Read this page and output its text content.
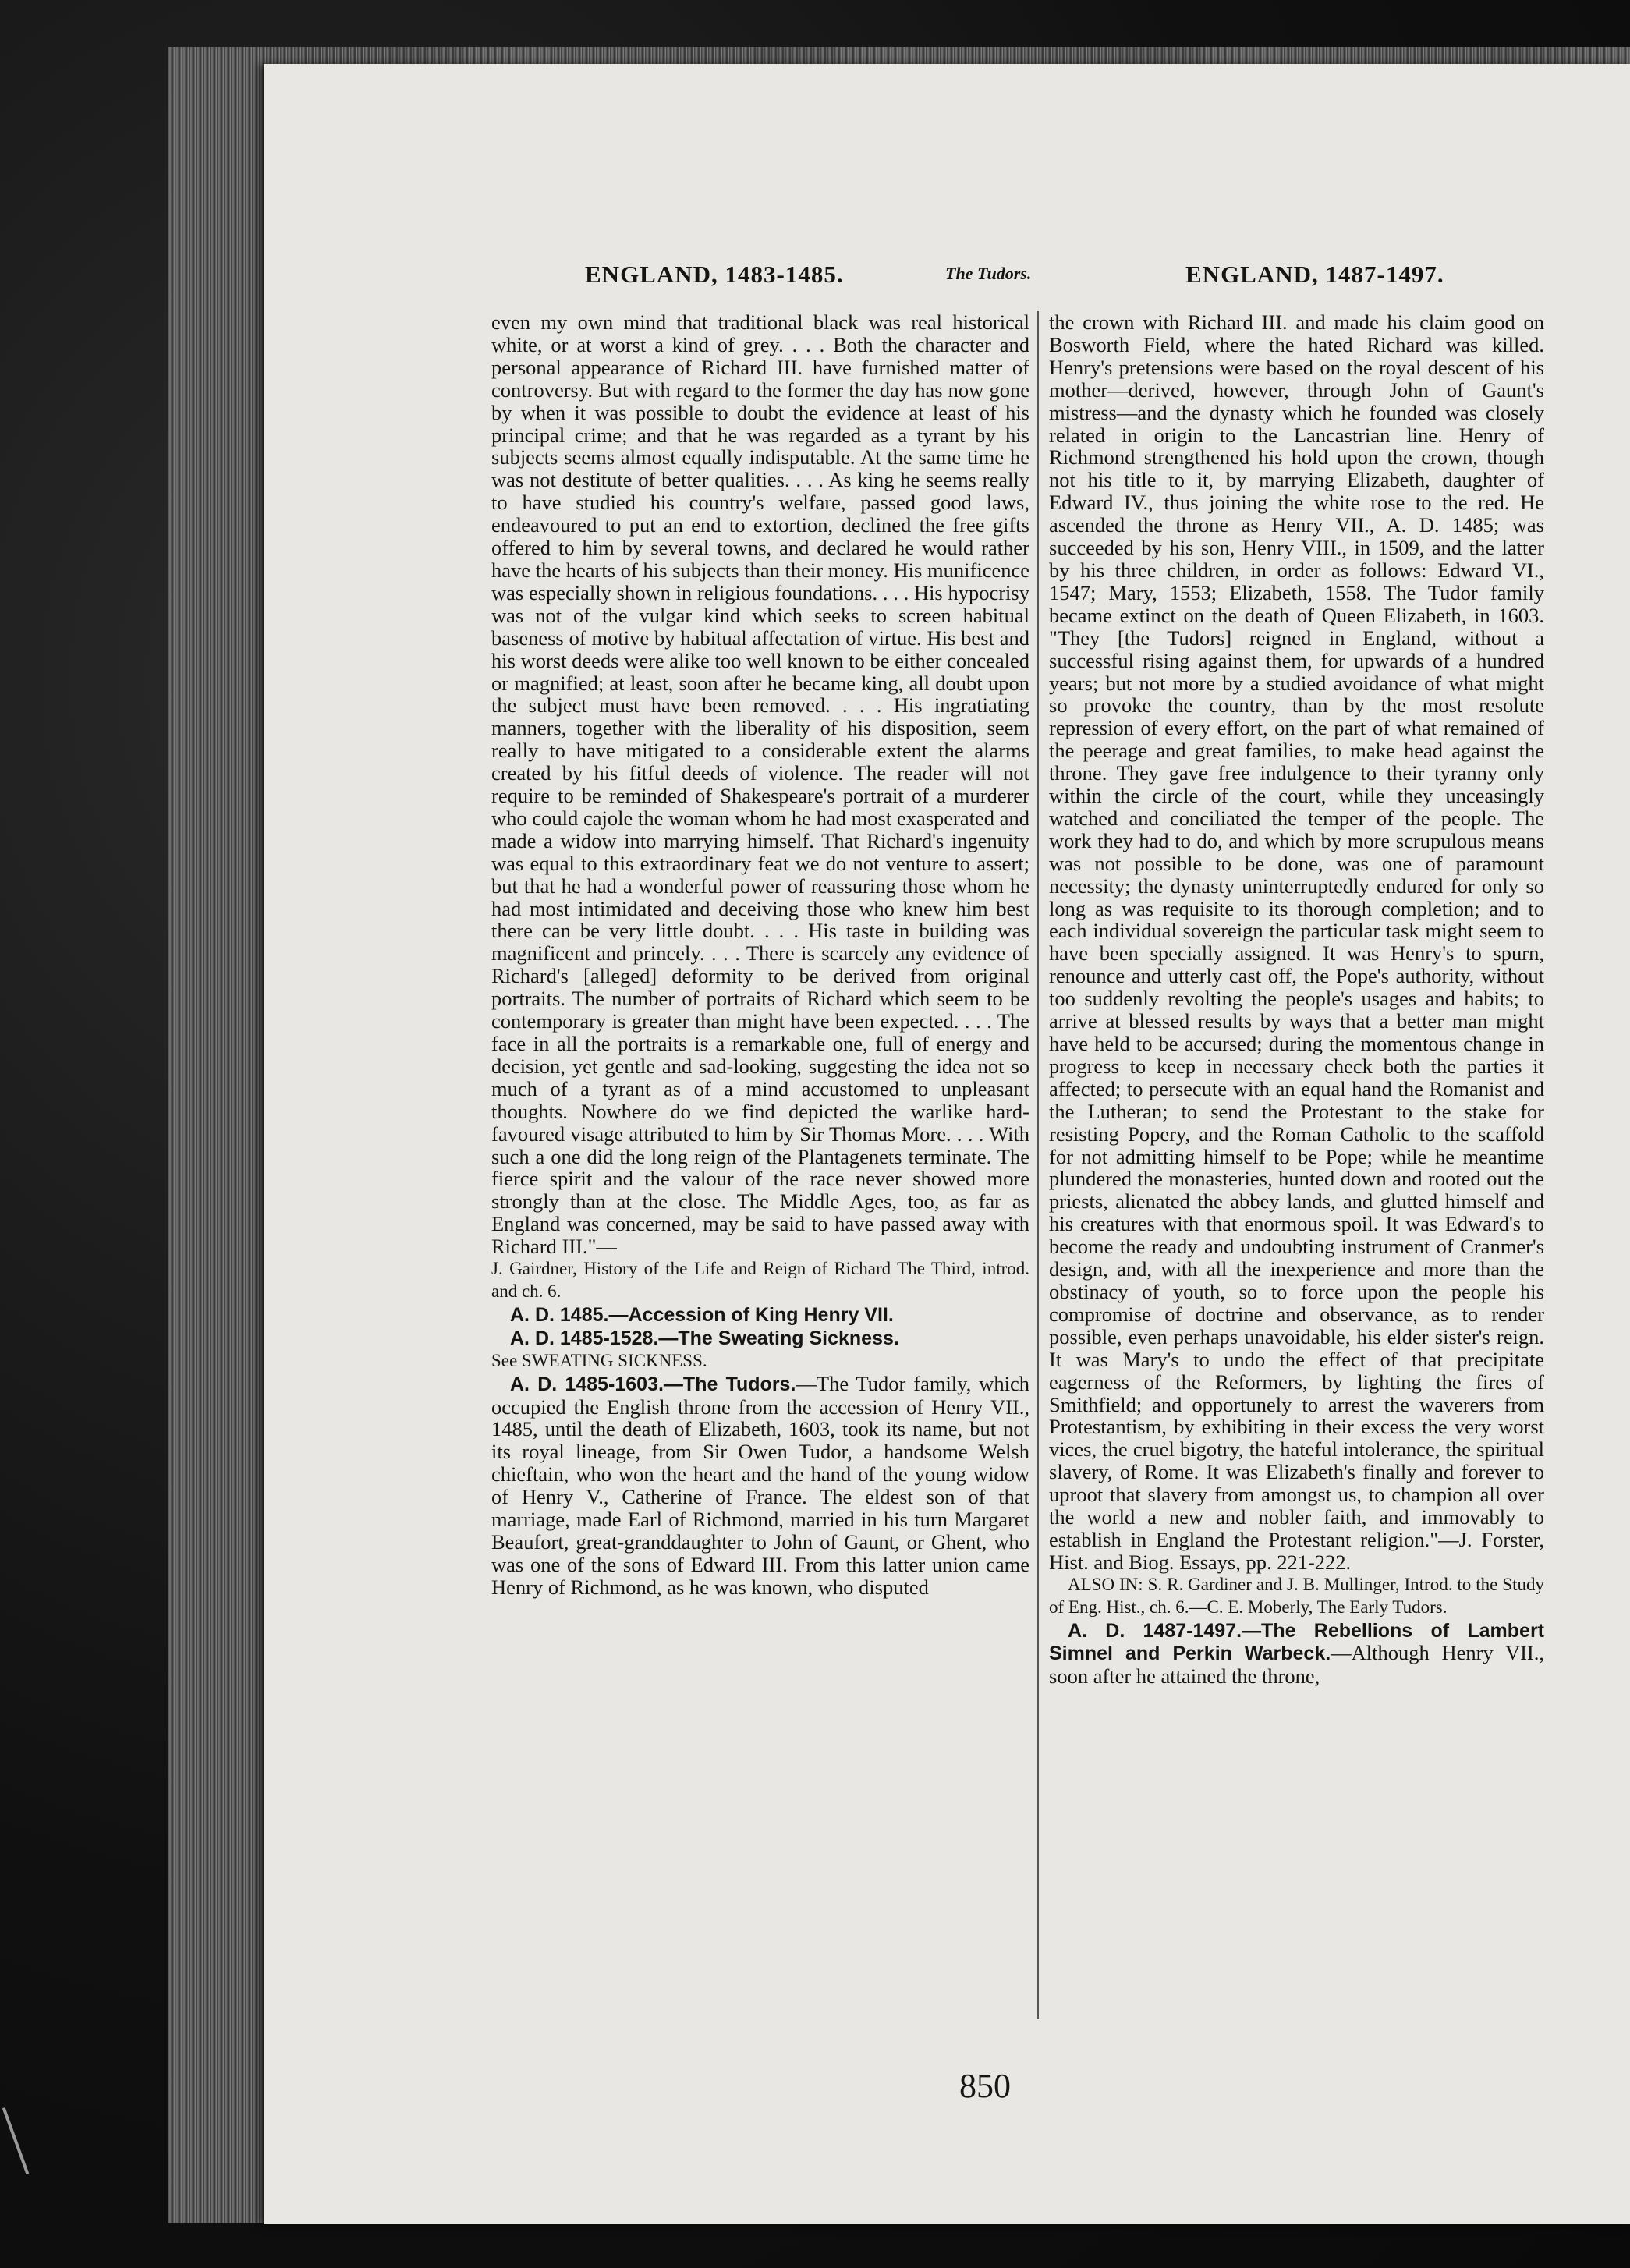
ENGLAND, 1483-1485.	The Tudors.	ENGLAND, 1487-1497.

even my own mind that traditional black was real historical white, or at worst a kind of grey. . . . Both the character and personal appearance of Richard III. have furnished matter of controversy. But with regard to the former the day has now gone by when it was possible to doubt the evidence at least of his principal crime; and that he was regarded as a tyrant by his subjects seems almost equally indisputable. At the same time he was not destitute of better qualities. . . . As king he seems really to have studied his country's welfare, passed good laws, endeavoured to put an end to extortion, declined the free gifts offered to him by several towns, and declared he would rather have the hearts of his subjects than their money. His munificence was especially shown in religious foundations. . . . His hypocrisy was not of the vulgar kind which seeks to screen habitual baseness of motive by habitual affectation of virtue. His best and his worst deeds were alike too well known to be either concealed or magnified; at least, soon after he became king, all doubt upon the subject must have been removed. . . . His ingratiating manners, together with the liberality of his disposition, seem really to have mitigated to a considerable extent the alarms created by his fitful deeds of violence. The reader will not require to be reminded of Shakespeare's portrait of a murderer who could cajole the woman whom he had most exasperated and made a widow into marrying himself. That Richard's ingenuity was equal to this extraordinary feat we do not venture to assert; but that he had a wonderful power of reassuring those whom he had most intimidated and deceiving those who knew him best there can be very little doubt. . . . His taste in building was magnificent and princely. . . . There is scarcely any evidence of Richard's [alleged] deformity to be derived from original portraits. The number of portraits of Richard which seem to be contemporary is greater than might have been expected. . . . The face in all the portraits is a remarkable one, full of energy and decision, yet gentle and sad-looking, suggesting the idea not so much of a tyrant as of a mind accustomed to unpleasant thoughts. Nowhere do we find depicted the warlike hard-favoured visage attributed to him by Sir Thomas More. . . . With such a one did the long reign of the Plantagenets terminate. The fierce spirit and the valour of the race never showed more strongly than at the close. The Middle Ages, too, as far as England was concerned, may be said to have passed away with Richard III."—

J. Gairdner, History of the Life and Reign of Richard The Third, introd. and ch. 6.

A. D. 1485.—Accession of King Henry VII.

A. D. 1485-1528.—The Sweating Sickness.

See SWEATING SICKNESS.

A. D. 1485-1603.—The Tudors.—The Tudor family, which occupied the English throne from the accession of Henry VII., 1485, until the death of Elizabeth, 1603, took its name, but not its royal lineage, from Sir Owen Tudor, a handsome Welsh chieftain, who won the heart and the hand of the young widow of Henry V., Catherine of France. The eldest son of that marriage, made Earl of Richmond, married in his turn Margaret Beaufort, great-granddaughter to John of Gaunt, or Ghent, who was one of the sons of Edward III. From this latter union came Henry of Richmond, as he was known, who disputed

the crown with Richard III. and made his claim good on Bosworth Field, where the hated Richard was killed. Henry's pretensions were based on the royal descent of his mother—derived, however, through John of Gaunt's mistress—and the dynasty which he founded was closely related in origin to the Lancastrian line. Henry of Richmond strengthened his hold upon the crown, though not his title to it, by marrying Elizabeth, daughter of Edward IV., thus joining the white rose to the red. He ascended the throne as Henry VII., A. D. 1485; was succeeded by his son, Henry VIII., in 1509, and the latter by his three children, in order as follows: Edward VI., 1547; Mary, 1553; Elizabeth, 1558. The Tudor family became extinct on the death of Queen Elizabeth, in 1603. "They [the Tudors] reigned in England, without a successful rising against them, for upwards of a hundred years; but not more by a studied avoidance of what might so provoke the country, than by the most resolute repression of every effort, on the part of what remained of the peerage and great families, to make head against the throne. They gave free indulgence to their tyranny only within the circle of the court, while they unceasingly watched and conciliated the temper of the people. The work they had to do, and which by more scrupulous means was not possible to be done, was one of paramount necessity; the dynasty uninterruptedly endured for only so long as was requisite to its thorough completion; and to each individual sovereign the particular task might seem to have been specially assigned. It was Henry's to spurn, renounce and utterly cast off, the Pope's authority, without too suddenly revolting the people's usages and habits; to arrive at blessed results by ways that a better man might have held to be accursed; during the momentous change in progress to keep in necessary check both the parties it affected; to persecute with an equal hand the Romanist and the Lutheran; to send the Protestant to the stake for resisting Popery, and the Roman Catholic to the scaffold for not admitting himself to be Pope; while he meantime plundered the monasteries, hunted down and rooted out the priests, alienated the abbey lands, and glutted himself and his creatures with that enormous spoil. It was Edward's to become the ready and undoubting instrument of Cranmer's design, and, with all the inexperience and more than the obstinacy of youth, so to force upon the people his compromise of doctrine and observance, as to render possible, even perhaps unavoidable, his elder sister's reign. It was Mary's to undo the effect of that precipitate eagerness of the Reformers, by lighting the fires of Smithfield; and opportunely to arrest the waverers from Protestantism, by exhibiting in their excess the very worst vices, the cruel bigotry, the hateful intolerance, the spiritual slavery, of Rome. It was Elizabeth's finally and forever to uproot that slavery from amongst us, to champion all over the world a new and nobler faith, and immovably to establish in England the Protestant religion."—J. Forster, Hist. and Biog. Essays, pp. 221-222.

ALSO IN: S. R. Gardiner and J. B. Mullinger, Introd. to the Study of Eng. Hist., ch. 6.—C. E. Moberly, The Early Tudors.

A. D. 1487-1497.—The Rebellions of Lambert Simnel and Perkin Warbeck.—Although Henry VII., soon after he attained the throne,

850
